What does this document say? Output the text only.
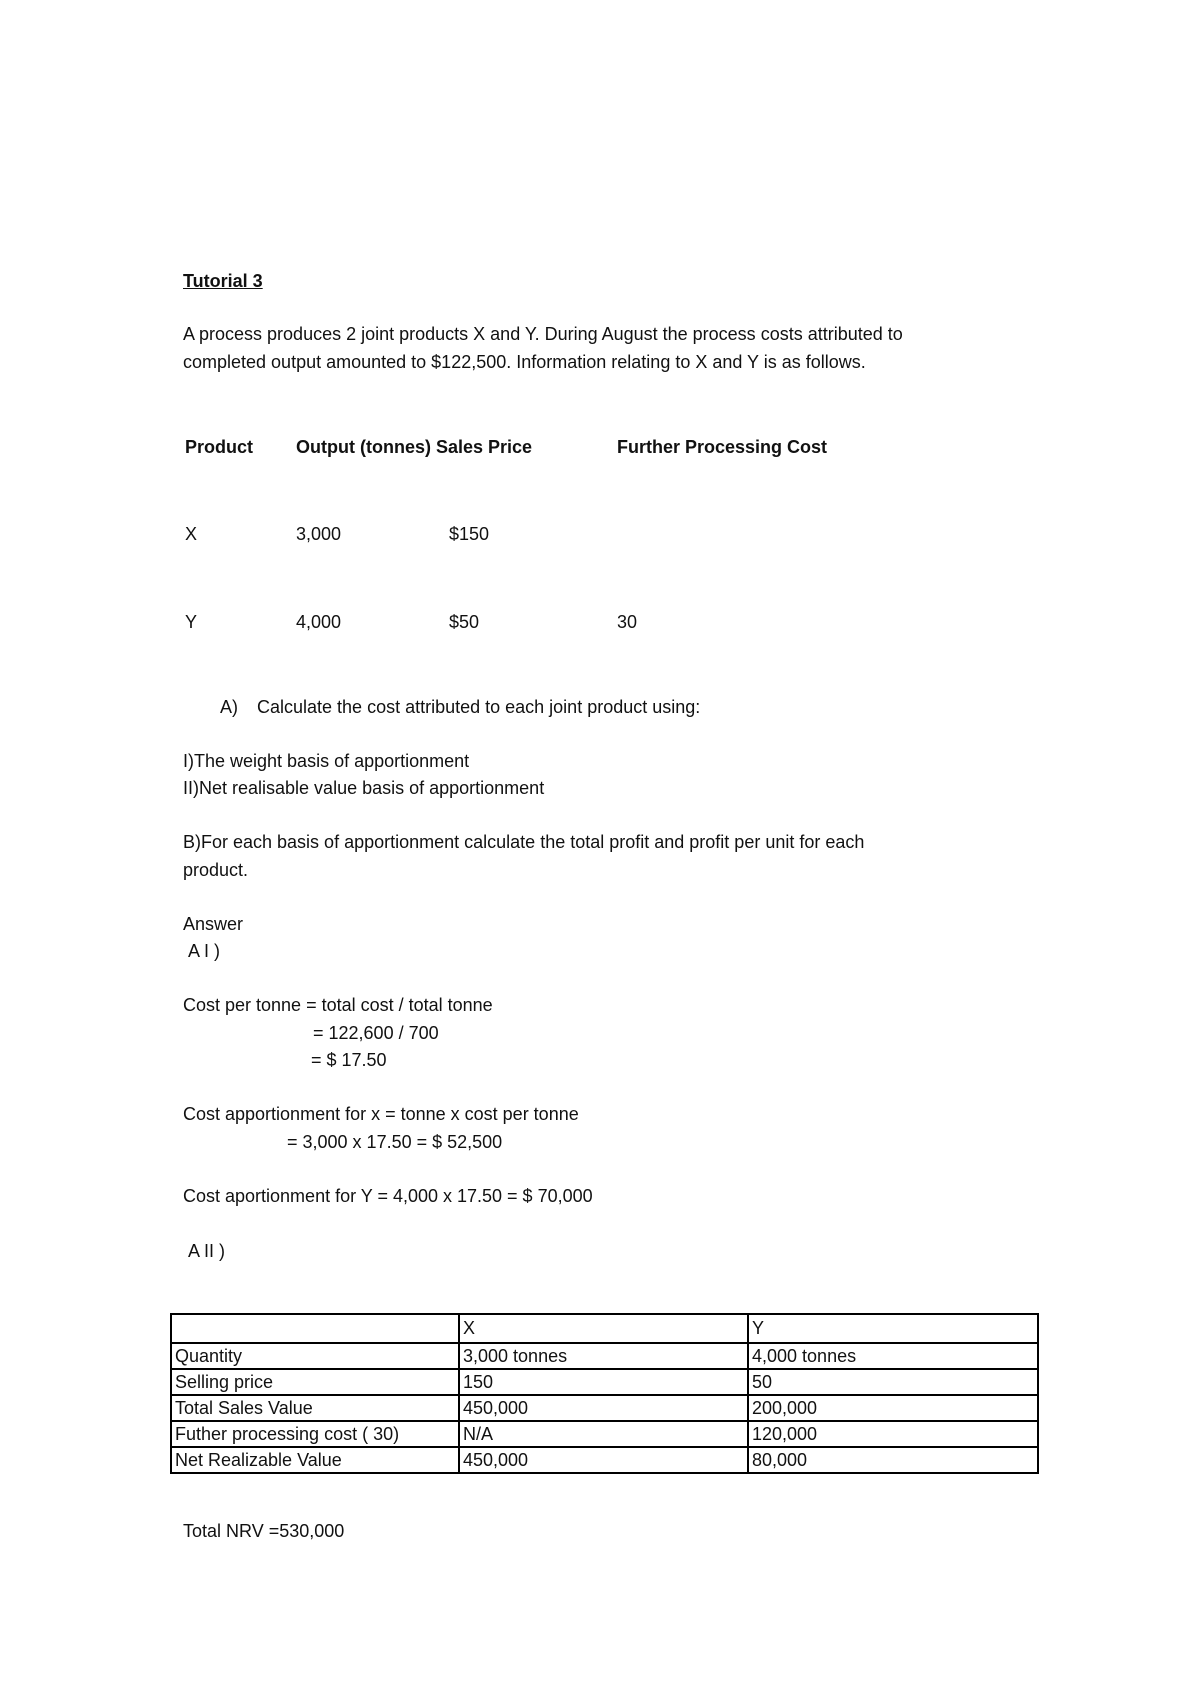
Tutorial 3
A process produces 2 joint products X and Y. During August the process costs attributed to
completed output amounted to $122,500. Information relating to X and Y is as follows.
Product Output (tonnes) Sales Price	Further Processing Cost
X	3,000	$150
Y	4,000	$50	30
A) Calculate the cost attributed to each joint product using:
I)The weight basis of apportionment
II)Net realisable value basis of apportionment
B)For each basis of apportionment calculate the total profit and profit per unit for each
product.
Answer
A I )
Cost per tonne = total cost / total tonne
= 122,600 / 700
= $ 17.50
Cost apportionment for x = tonne x cost per tonne
= 3,000 x 17.50 = $ 52,500
Cost aportionment for Y = 4,000 x 17.50 = $ 70,000
A II )
	X	Y
Quantity	3,000 tonnes	4,000 tonnes
Selling price	150	50
Total Sales Value	450,000	200,000
Futher processing cost ( 30)	N/A	120,000
Net Realizable Value	450,000	80,000
Total NRV =530,000
